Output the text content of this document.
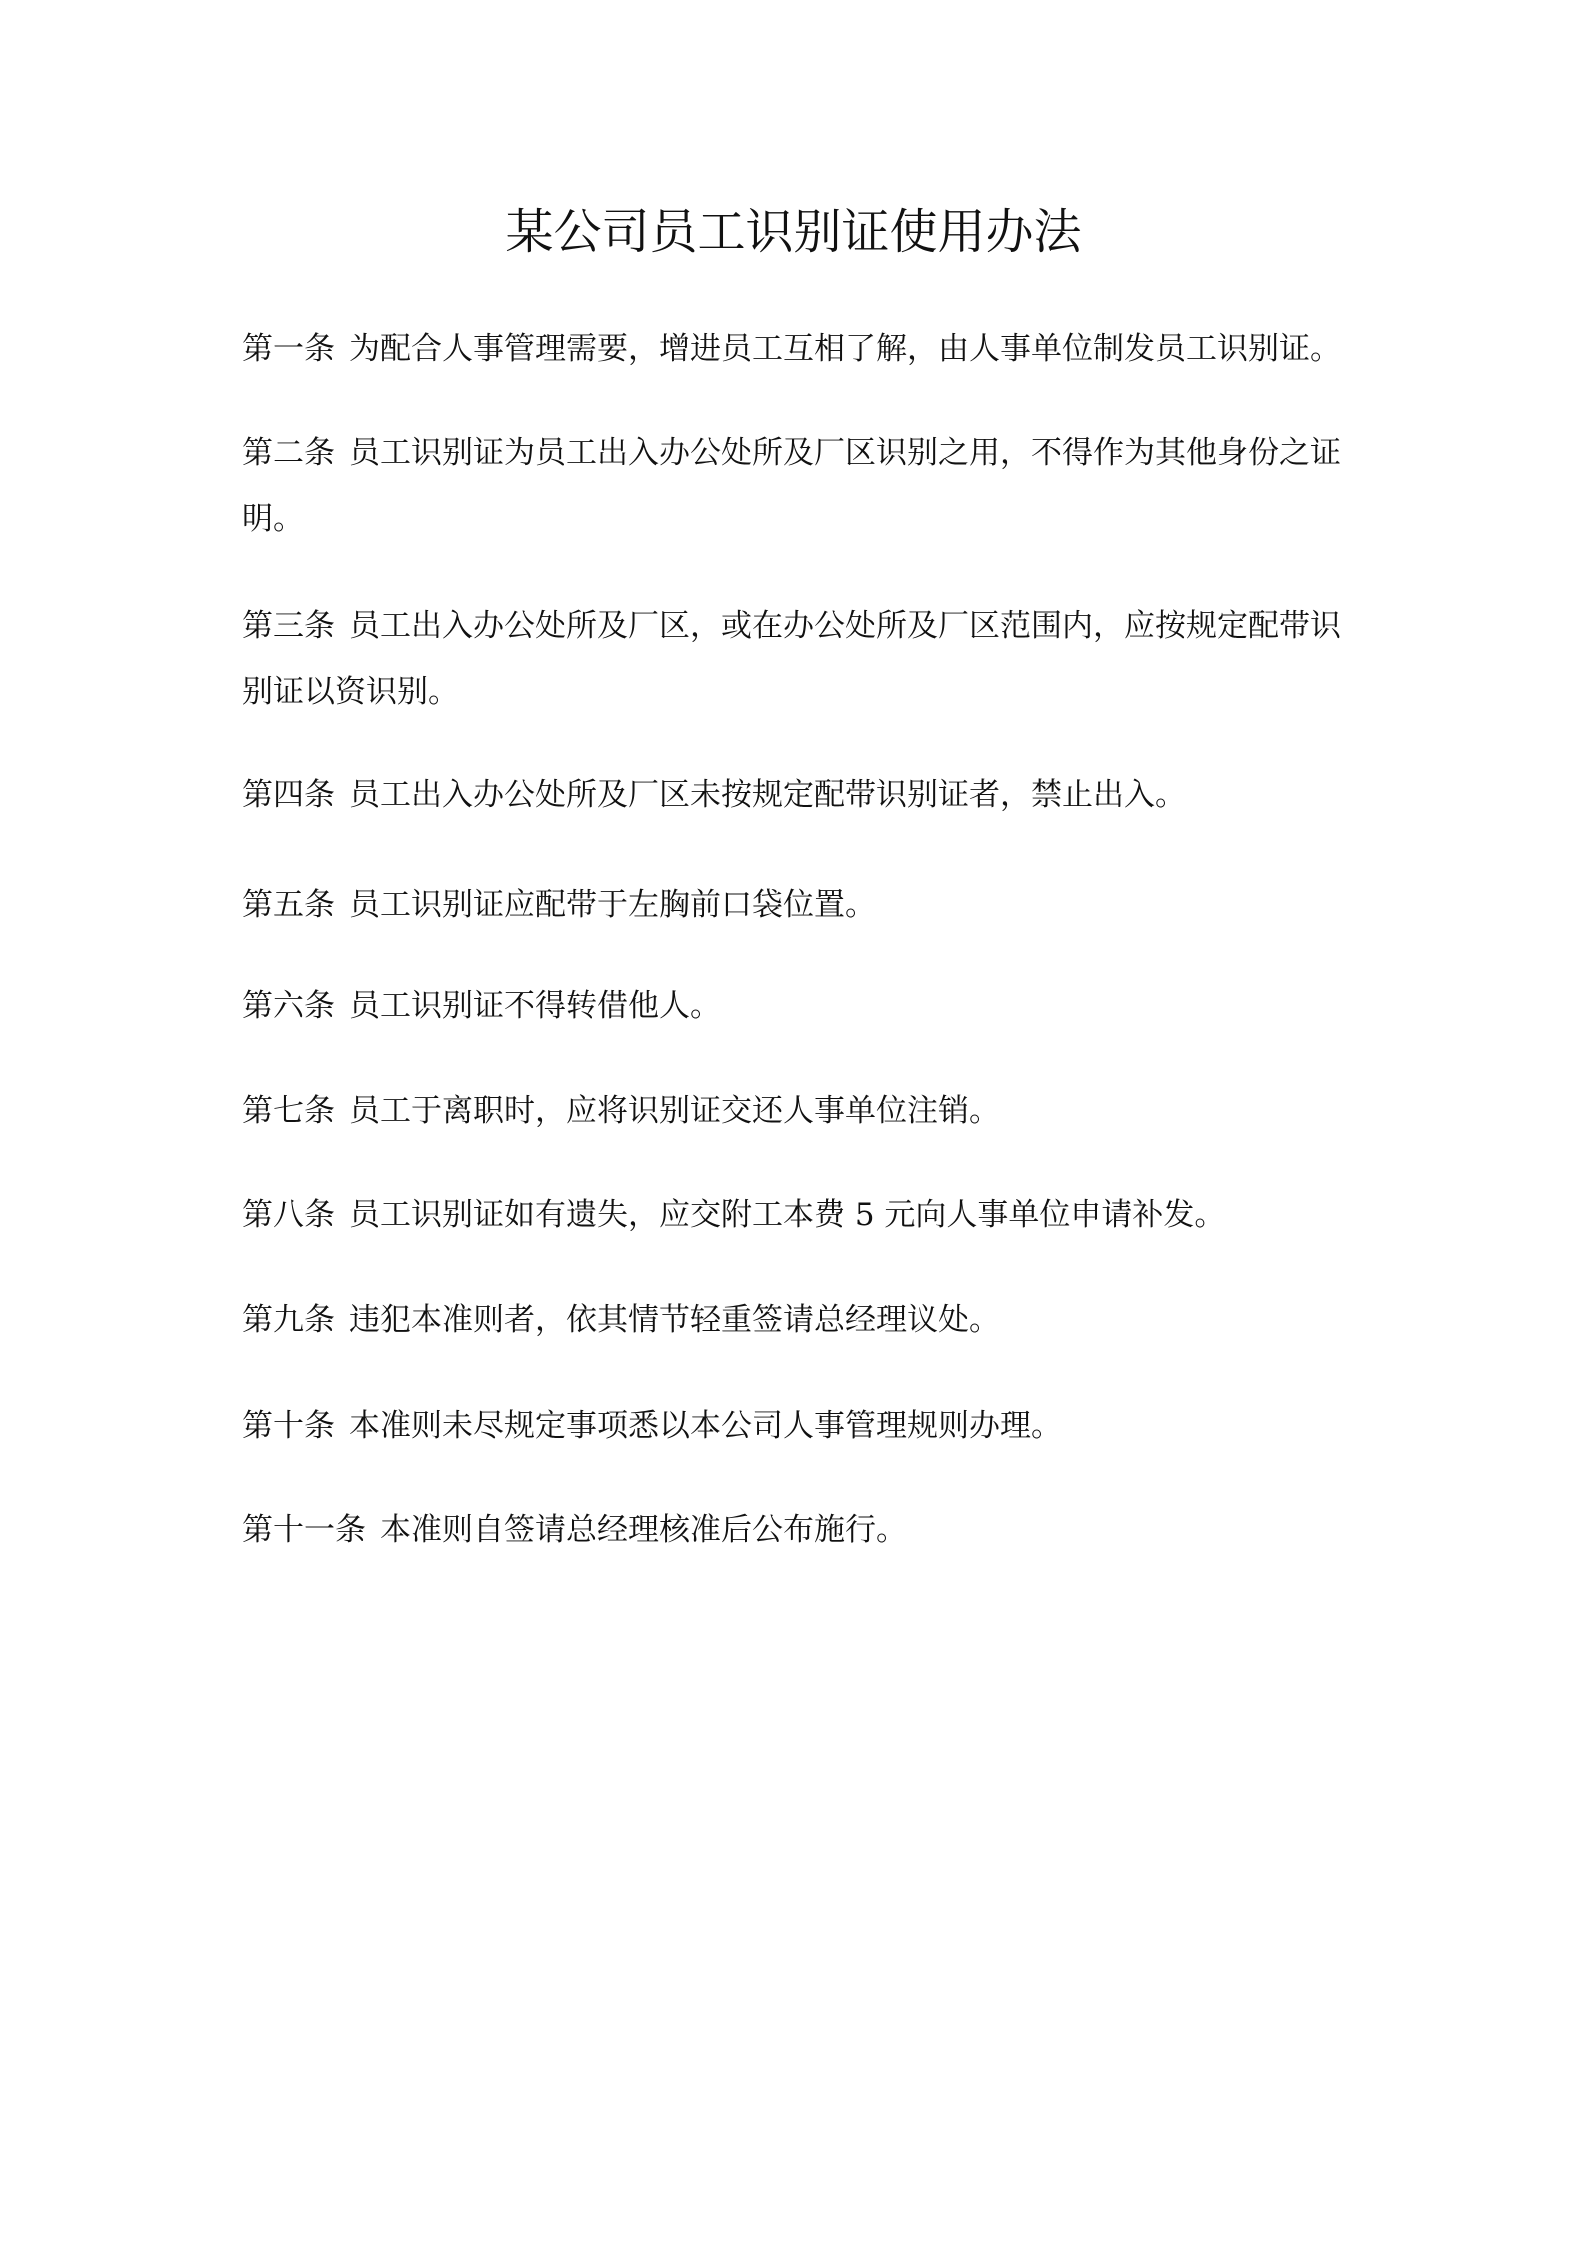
某公司员工识别证使用办法

第一条 为配合人事管理需要，增进员工互相了解，由人事单位制发员工识别证。

第二条 员工识别证为员工出入办公处所及厂区识别之用，不得作为其他身份之证明。

第三条 员工出入办公处所及厂区，或在办公处所及厂区范围内，应按规定配带识别证以资识别。

第四条 员工出入办公处所及厂区未按规定配带识别证者，禁止出入。

第五条 员工识别证应配带于左胸前口袋位置。

第六条 员工识别证不得转借他人。

第七条 员工于离职时，应将识别证交还人事单位注销。

第八条 员工识别证如有遗失，应交附工本费 5 元向人事单位申请补发。

第九条 违犯本准则者，依其情节轻重签请总经理议处。

第十条 本准则未尽规定事项悉以本公司人事管理规则办理。

第十一条 本准则自签请总经理核准后公布施行。
